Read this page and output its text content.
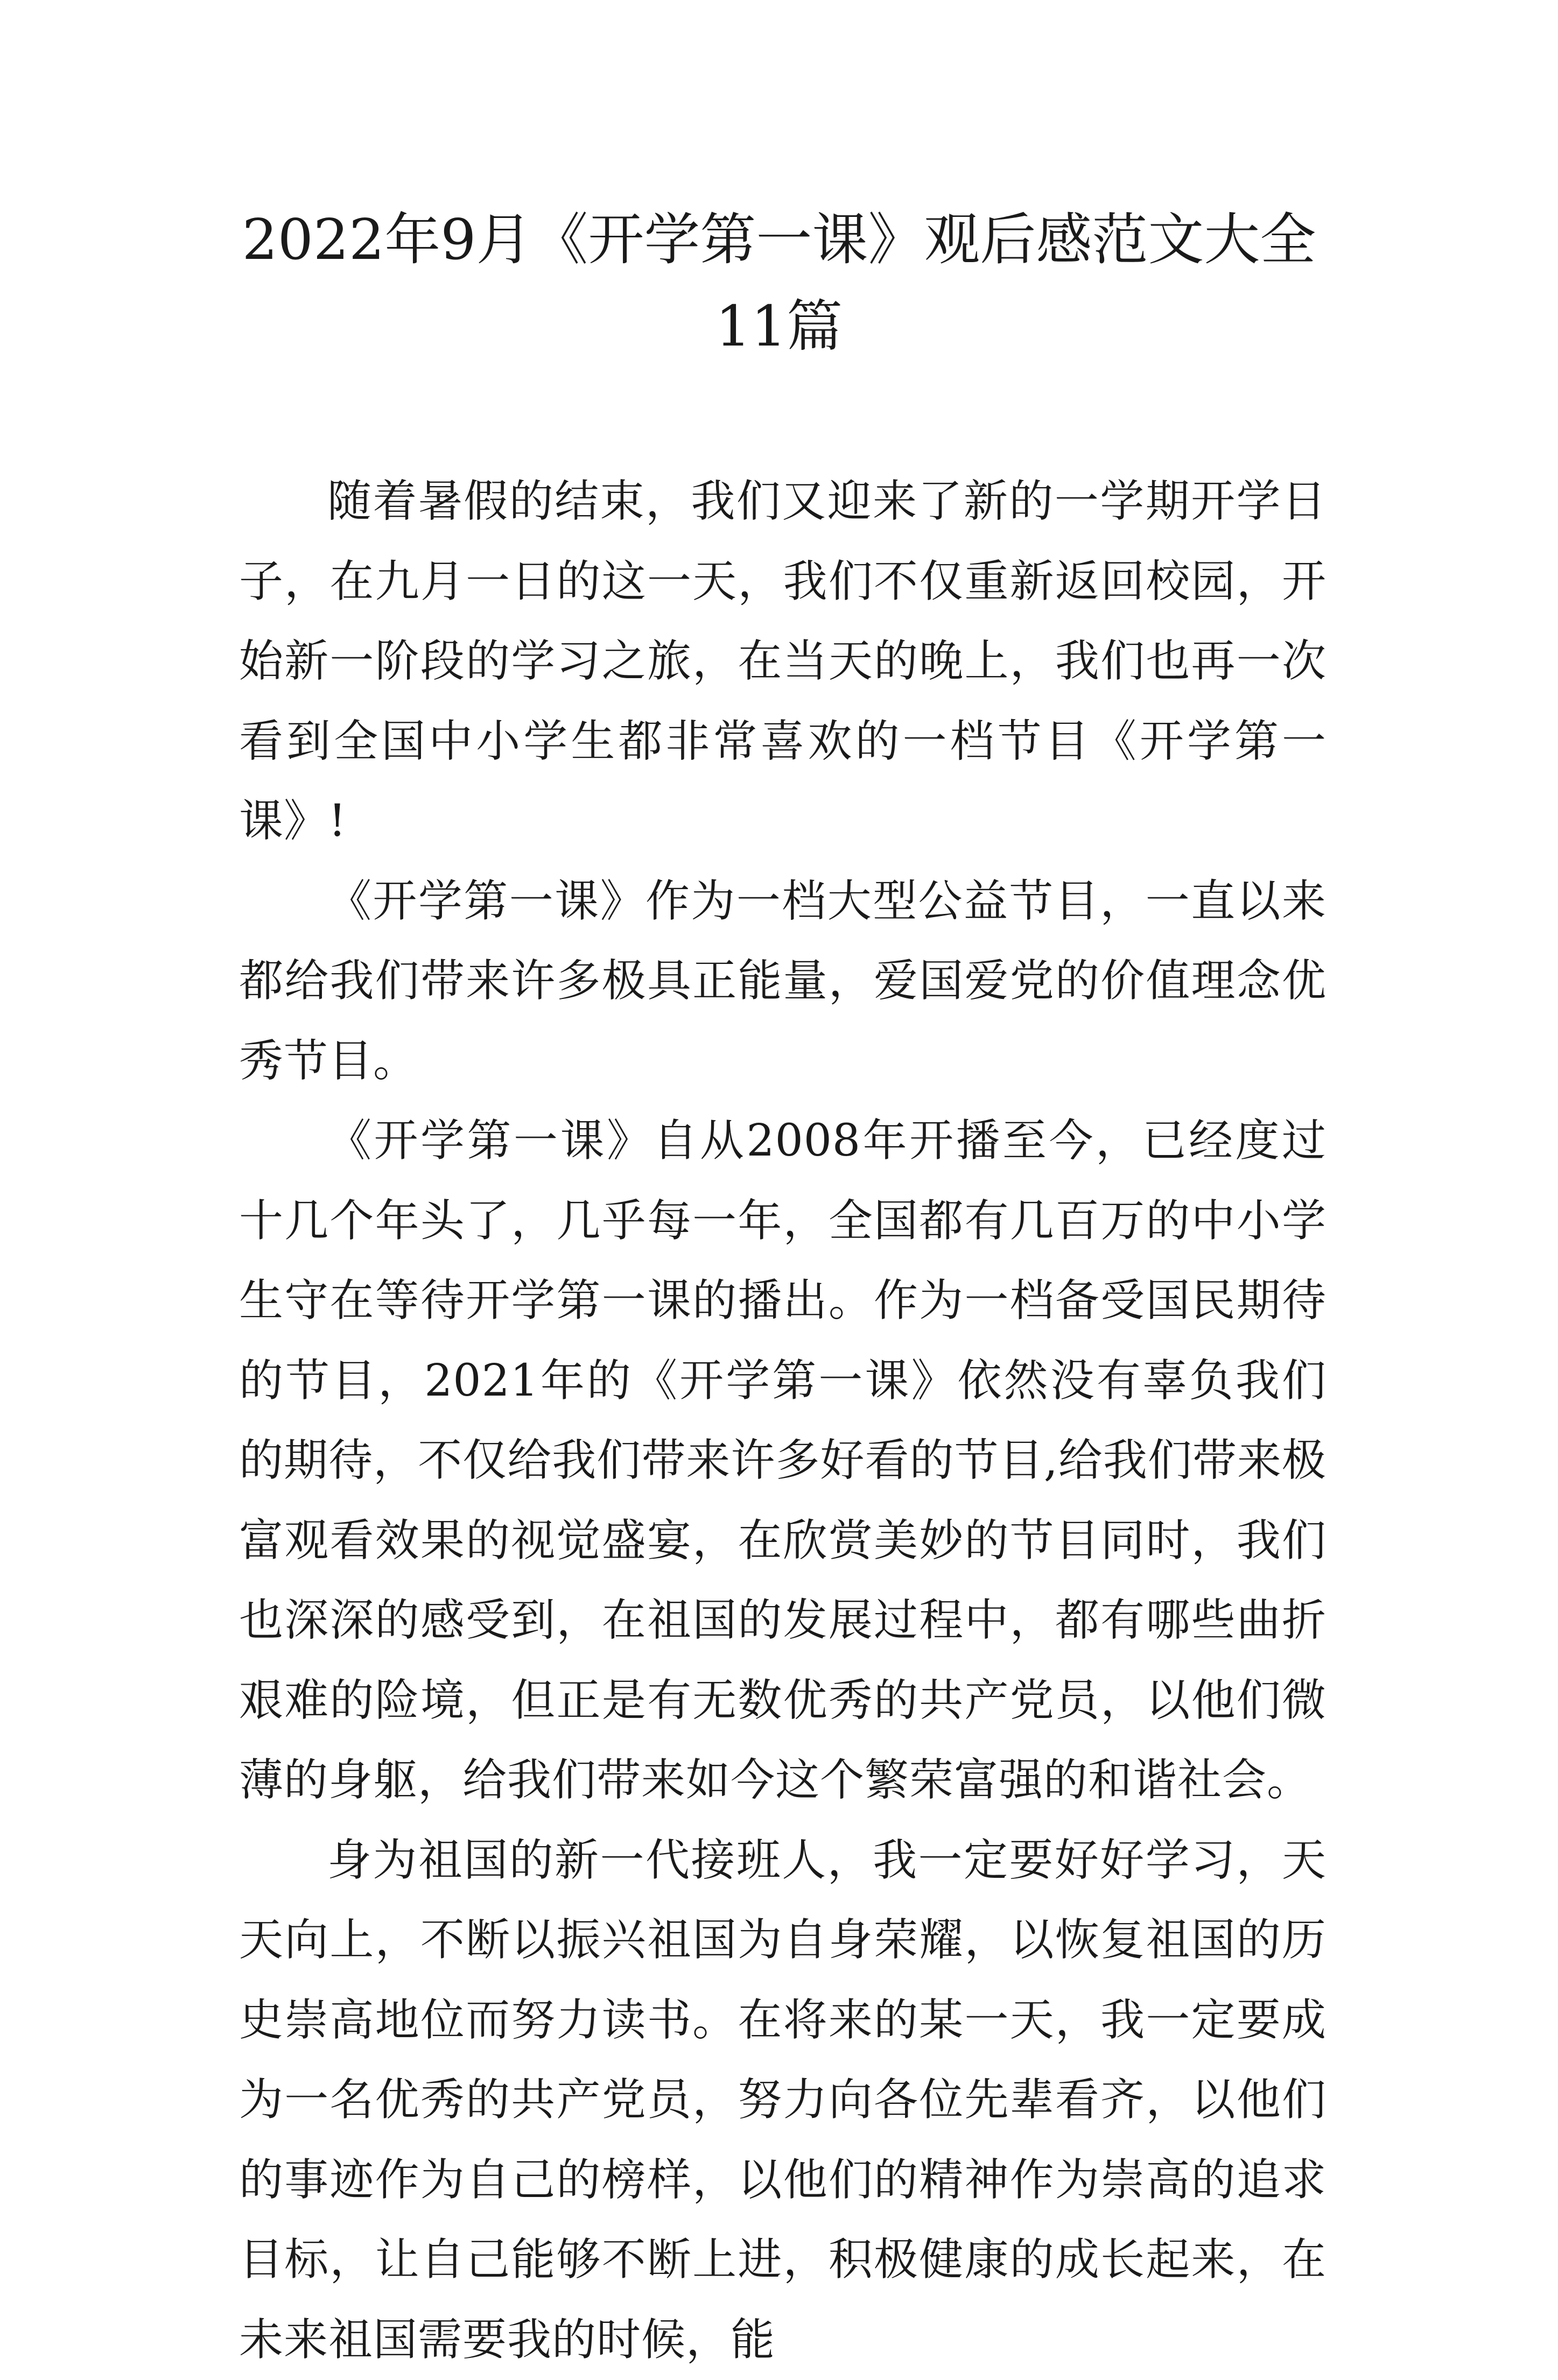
2022年9月《开学第一课》观后感范文大全
11篇

随着暑假的结束，我们又迎来了新的一学期开学日子，在九月一日的这一天，我们不仅重新返回校园，开始新一阶段的学习之旅，在当天的晚上，我们也再一次看到全国中小学生都非常喜欢的一档节目《开学第一课》!

《开学第一课》作为一档大型公益节目，一直以来都给我们带来许多极具正能量，爱国爱党的价值理念优秀节目。

《开学第一课》自从2008年开播至今，已经度过十几个年头了，几乎每一年，全国都有几百万的中小学生守在等待开学第一课的播出。作为一档备受国民期待的节目，2021年的《开学第一课》依然没有辜负我们的期待，不仅给我们带来许多好看的节目,给我们带来极富观看效果的视觉盛宴，在欣赏美妙的节目同时，我们也深深的感受到，在祖国的发展过程中，都有哪些曲折艰难的险境，但正是有无数优秀的共产党员，以他们微薄的身躯，给我们带来如今这个繁荣富强的和谐社会。

身为祖国的新一代接班人，我一定要好好学习，天天向上，不断以振兴祖国为自身荣耀，以恢复祖国的历史崇高地位而努力读书。在将来的某一天，我一定要成为一名优秀的共产党员，努力向各位先辈看齐，以他们的事迹作为自己的榜样，以他们的精神作为崇高的追求目标，让自己能够不断上进，积极健康的成长起来，在未来祖国需要我的时候，能
